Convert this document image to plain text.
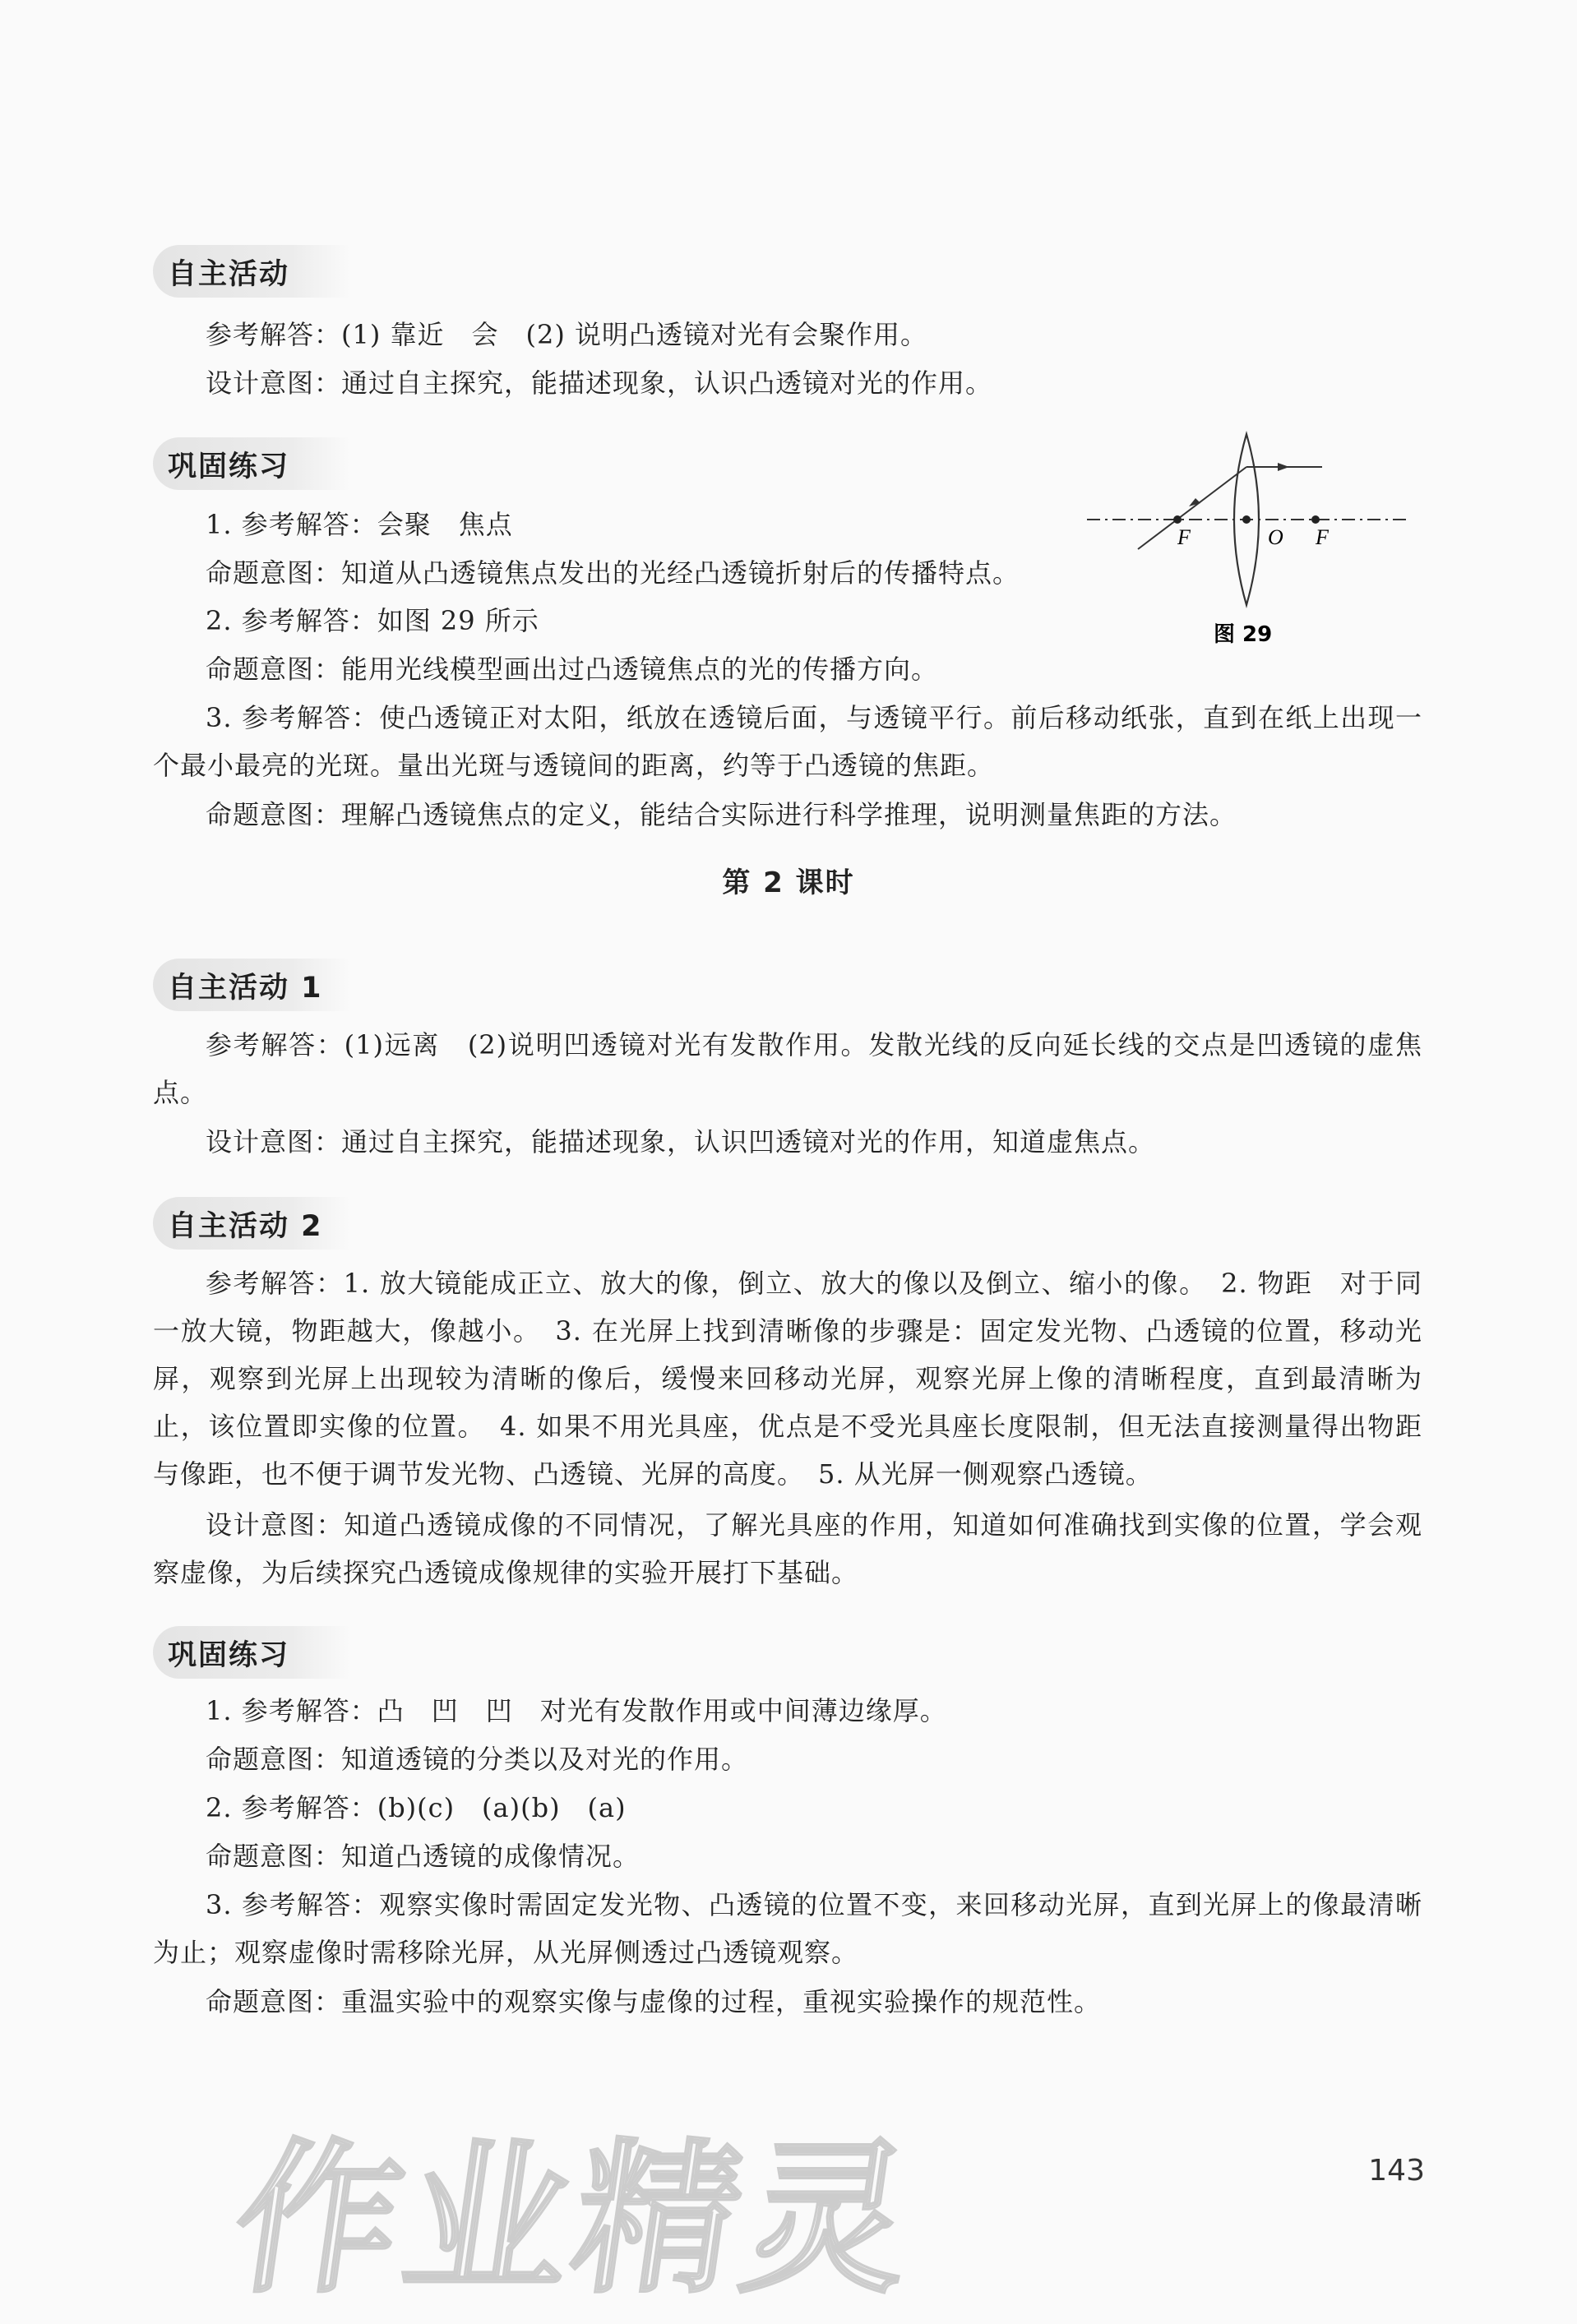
自主活动
参考解答：(1) 靠近　会　(2) 说明凸透镜对光有会聚作用。
设计意图：通过自主探究，能描述现象，认识凸透镜对光的作用。
巩固练习
1. 参考解答：会聚　焦点
命题意图：知道从凸透镜焦点发出的光经凸透镜折射后的传播特点。
2. 参考解答：如图 29 所示
命题意图：能用光线模型画出过凸透镜焦点的光的传播方向。
3. 参考解答：使凸透镜正对太阳，纸放在透镜后面，与透镜平行。前后移动纸张，直到在纸上出现一个最小最亮的光斑。量出光斑与透镜间的距离，约等于凸透镜的焦距。
命题意图：理解凸透镜焦点的定义，能结合实际进行科学推理，说明测量焦距的方法。
F	O F
图 29
第 2 课时
自主活动 1
参考解答：(1)远离　(2)说明凹透镜对光有发散作用。发散光线的反向延长线的交点是凹透镜的虚焦点。
设计意图：通过自主探究，能描述现象，认识凹透镜对光的作用，知道虚焦点。
自主活动 2
参考解答：1. 放大镜能成正立、放大的像，倒立、放大的像以及倒立、缩小的像。　2. 物距　对于同一放大镜，物距越大，像越小。　3. 在光屏上找到清晰像的步骤是：固定发光物、凸透镜的位置，移动光屏，观察到光屏上出现较为清晰的像后，缓慢来回移动光屏，观察光屏上像的清晰程度，直到最清晰为止，该位置即实像的位置。　4. 如果不用光具座，优点是不受光具座长度限制，但无法直接测量得出物距与像距，也不便于调节发光物、凸透镜、光屏的高度。　5. 从光屏一侧观察凸透镜。
设计意图：知道凸透镜成像的不同情况，了解光具座的作用，知道如何准确找到实像的位置，学会观察虚像，为后续探究凸透镜成像规律的实验开展打下基础。
巩固练习
1. 参考解答：凸　凹　凹　对光有发散作用或中间薄边缘厚。
命题意图：知道透镜的分类以及对光的作用。
2. 参考解答：(b)(c)　(a)(b)　(a)
命题意图：知道凸透镜的成像情况。
3. 参考解答：观察实像时需固定发光物、凸透镜的位置不变，来回移动光屏，直到光屏上的像最清晰为止；观察虚像时需移除光屏，从光屏侧透过凸透镜观察。
命题意图：重温实验中的观察实像与虚像的过程，重视实验操作的规范性。
作业精灵	143
